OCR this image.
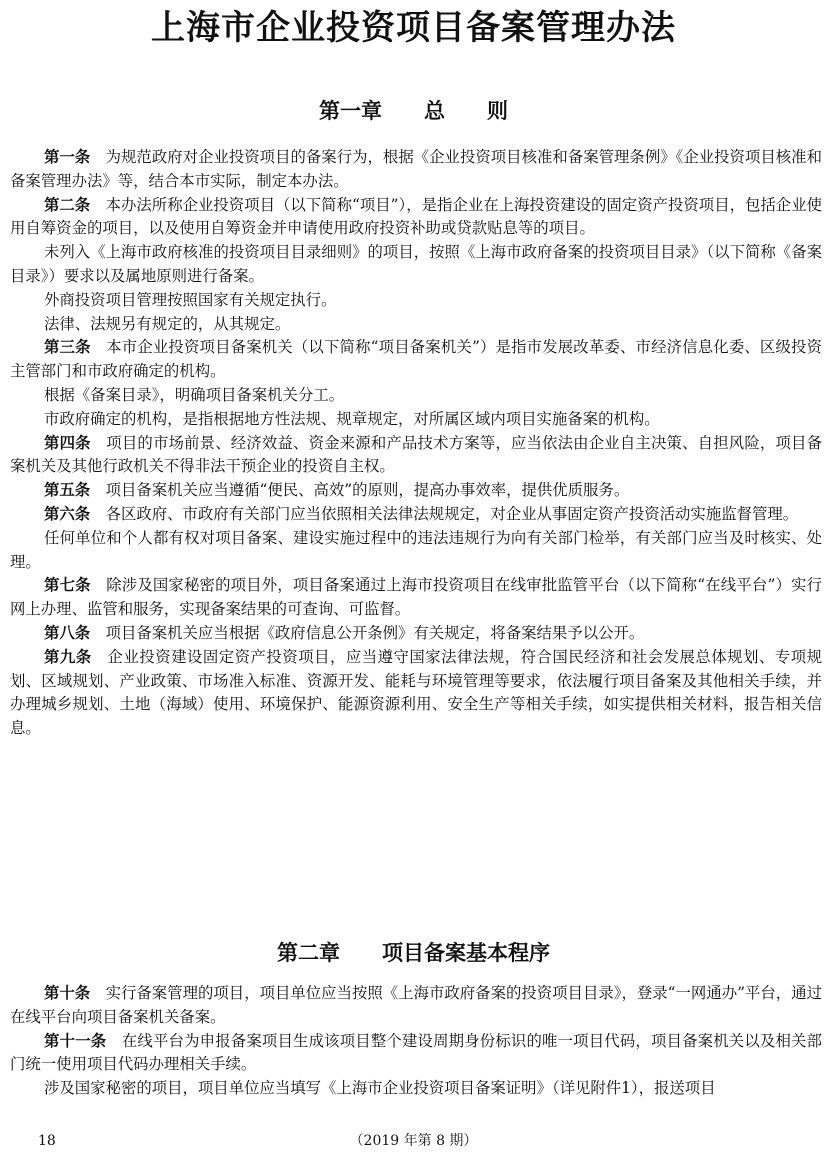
上海市企业投资项目备案管理办法
第一章　　总　　则

第一条　为规范政府对企业投资项目的备案行为，根据《企业投资项目核准和备案管理条例》《企业投资项目核准和备案管理办法》等，结合本市实际，制定本办法。

第二条　本办法所称企业投资项目（以下简称“项目”），是指企业在上海投资建设的固定资产投资项目，包括企业使用自筹资金的项目，以及使用自筹资金并申请使用政府投资补助或贷款贴息等的项目。

未列入《上海市政府核准的投资项目目录细则》的项目，按照《上海市政府备案的投资项目目录》（以下简称《备案目录》）要求以及属地原则进行备案。

外商投资项目管理按照国家有关规定执行。

法律、法规另有规定的，从其规定。

第三条　本市企业投资项目备案机关（以下简称“项目备案机关”）是指市发展改革委、市经济信息化委、区级投资主管部门和市政府确定的机构。

根据《备案目录》，明确项目备案机关分工。

市政府确定的机构，是指根据地方性法规、规章规定，对所属区域内项目实施备案的机构。

第四条　项目的市场前景、经济效益、资金来源和产品技术方案等，应当依法由企业自主决策、自担风险，项目备案机关及其他行政机关不得非法干预企业的投资自主权。

第五条　项目备案机关应当遵循“便民、高效”的原则，提高办事效率，提供优质服务。

第六条　各区政府、市政府有关部门应当依照相关法律法规规定，对企业从事固定资产投资活动实施监督管理。

任何单位和个人都有权对项目备案、建设实施过程中的违法违规行为向有关部门检举，有关部门应当及时核实、处理。

第七条　除涉及国家秘密的项目外，项目备案通过上海市投资项目在线审批监管平台（以下简称“在线平台”）实行网上办理、监管和服务，实现备案结果的可查询、可监督。

第八条　项目备案机关应当根据《政府信息公开条例》有关规定，将备案结果予以公开。

第九条　企业投资建设固定资产投资项目，应当遵守国家法律法规，符合国民经济和社会发展总体规划、专项规划、区域规划、产业政策、市场准入标准、资源开发、能耗与环境管理等要求，依法履行项目备案及其他相关手续，并办理城乡规划、土地（海域）使用、环境保护、能源资源利用、安全生产等相关手续，如实提供相关材料，报告相关信息。

第二章　　项目备案基本程序

第十条　实行备案管理的项目，项目单位应当按照《上海市政府备案的投资项目目录》，登录“一网通办”平台，通过在线平台向项目备案机关备案。

第十一条　在线平台为申报备案项目生成该项目整个建设周期身份标识的唯一项目代码，项目备案机关以及相关部门统一使用项目代码办理相关手续。

涉及国家秘密的项目，项目单位应当填写《上海市企业投资项目备案证明》（详见附件1），报送项目

18	（2019 年第 8 期）
